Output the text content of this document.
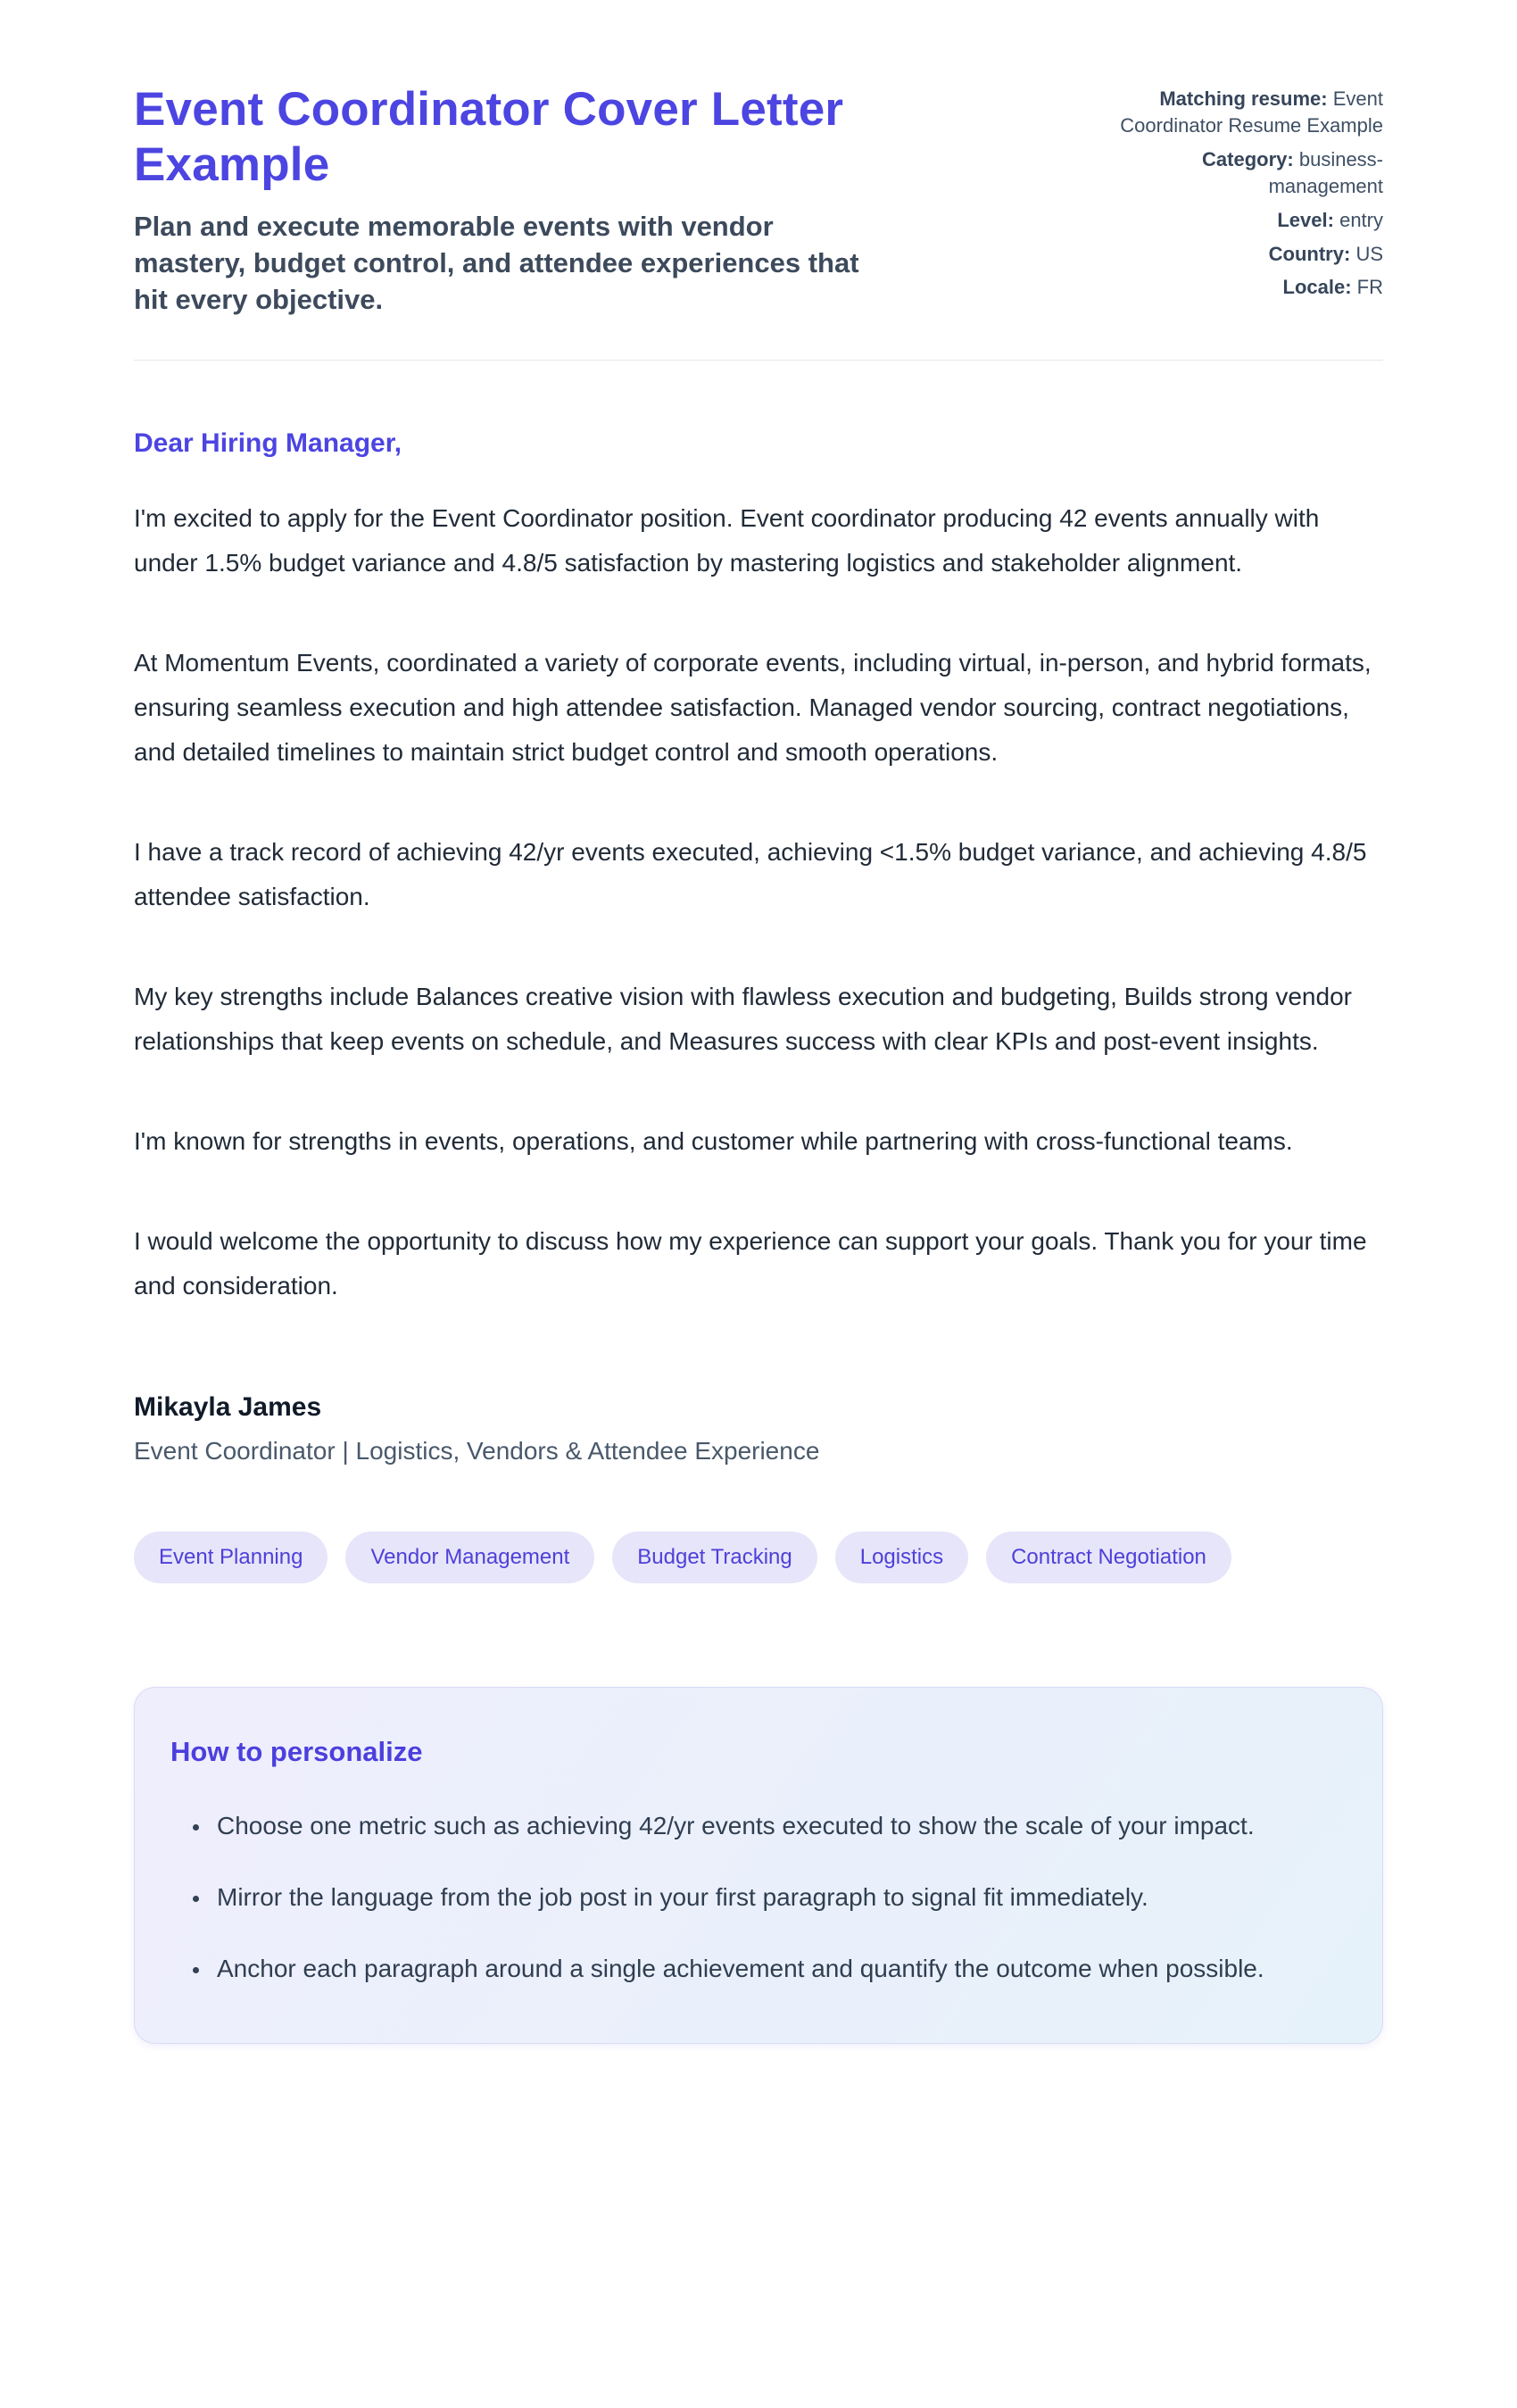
Event Coordinator Cover Letter Example
Plan and execute memorable events with vendor mastery, budget control, and attendee experiences that hit every objective.
Matching resume: Event Coordinator Resume Example
Category: business-management
Level: entry
Country: US
Locale: FR
Dear Hiring Manager,

I'm excited to apply for the Event Coordinator position. Event coordinator producing 42 events annually with under 1.5% budget variance and 4.8/5 satisfaction by mastering logistics and stakeholder alignment.

At Momentum Events, coordinated a variety of corporate events, including virtual, in-person, and hybrid formats, ensuring seamless execution and high attendee satisfaction. Managed vendor sourcing, contract negotiations, and detailed timelines to maintain strict budget control and smooth operations.

I have a track record of achieving 42/yr events executed, achieving <1.5% budget variance, and achieving 4.8/5 attendee satisfaction.

My key strengths include Balances creative vision with flawless execution and budgeting, Builds strong vendor relationships that keep events on schedule, and Measures success with clear KPIs and post-event insights.

I'm known for strengths in events, operations, and customer while partnering with cross-functional teams.

I would welcome the opportunity to discuss how my experience can support your goals. Thank you for your time and consideration.

Mikayla James
Event Coordinator | Logistics, Vendors & Attendee Experience
Event Planning	Vendor Management	Budget Tracking	Logistics	Contract Negotiation
How to personalize
• Choose one metric such as achieving 42/yr events executed to show the scale of your impact.
• Mirror the language from the job post in your first paragraph to signal fit immediately.
• Anchor each paragraph around a single achievement and quantify the outcome when possible.
